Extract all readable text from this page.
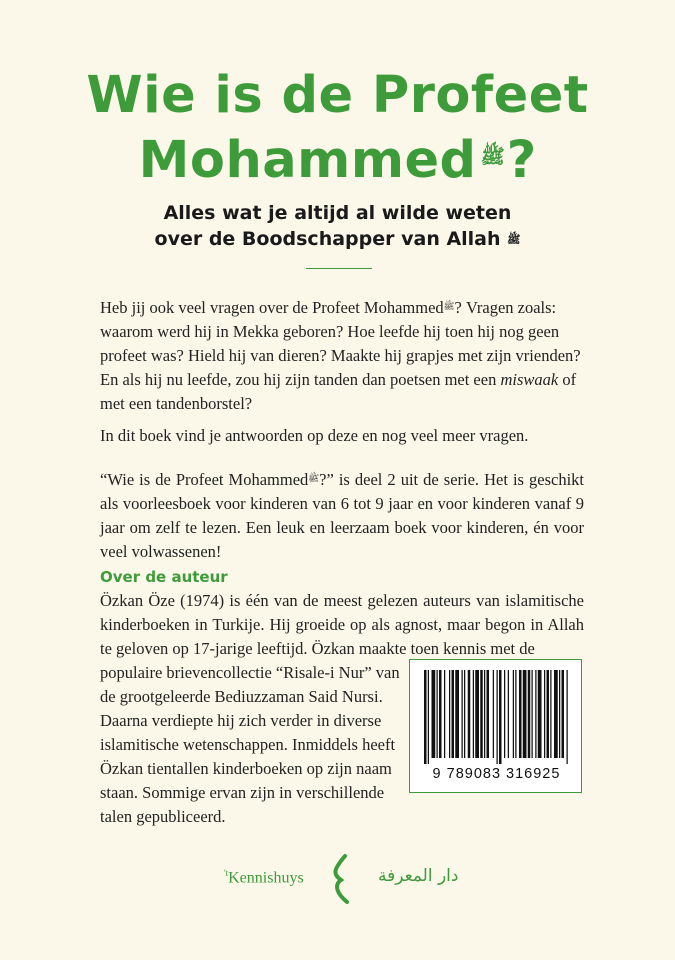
Wie is de Profeet
Mohammed $^ﷺ$?
Alles wat je altijd al wilde weten
over de Boodschapper van Allah ﷺ

Heb jij ook veel vragen over de Profeet Mohammed$^ﷺ$? Vragen zoals: waarom werd hij in Mekka geboren? Hoe leefde hij toen hij nog geen profeet was? Hield hij van dieren? Maakte hij grapjes met zijn vrienden? En als hij nu leefde, zou hij zijn tanden dan poetsen met een miswaak of met een tandenborstel?

In dit boek vind je antwoorden op deze en nog veel meer vragen.

“Wie is de Profeet Mohammed$^ﷺ$?” is deel 2 uit de serie. Het is geschikt als voorleesboek voor kinderen van 6 tot 9 jaar en voor kinderen vanaf 9 jaar om zelf te lezen. Een leuk en leerzaam boek voor kinderen, én voor veel volwassenen!

Over de auteur

Özkan Öze (1974) is één van de meest gelezen auteurs van islamitische kinderboeken in Turkije. Hij groeide op als agnost, maar begon in Allah te geloven op 17-jarige leeftijd. Özkan maakte toen kennis met de

populaire brievencollectie “Risale-i Nur” van
de grootgeleerde Bediuzzaman Said Nursi.
Daarna verdiepte hij zich verder in diverse
islamitische wetenschappen. Inmiddels heeft
Özkan tientallen kinderboeken op zijn naam
staan. Sommige ervan zijn in verschillende
talen gepubliceerd.

9 789083 316925
$^{'t}$Kennishuys	دار المعرفة
